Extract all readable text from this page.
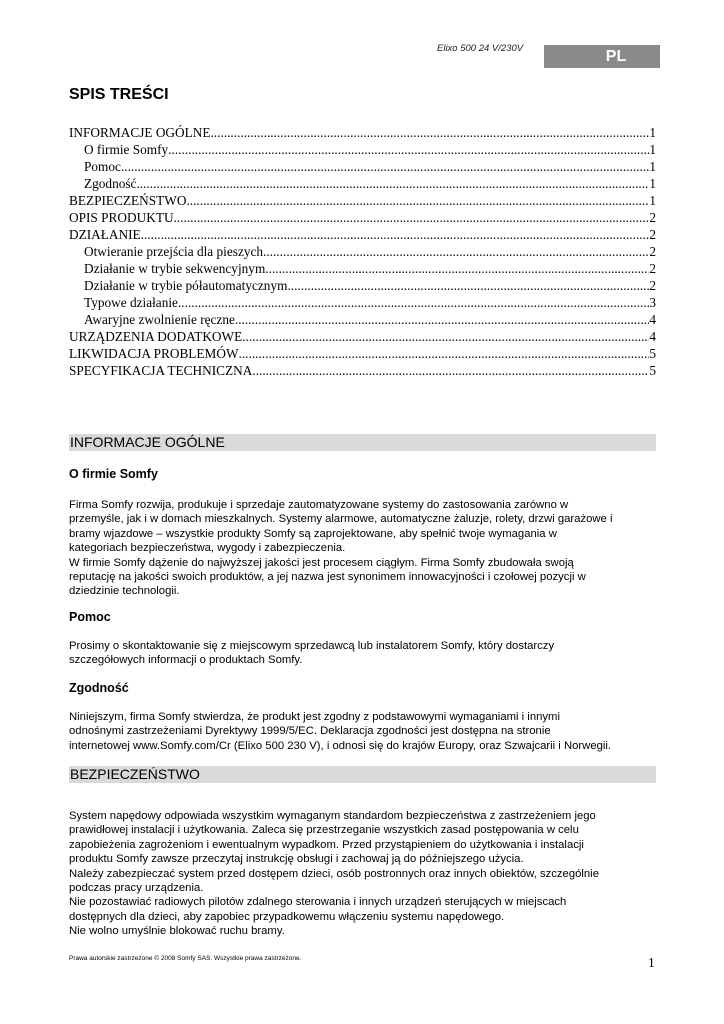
Elixo 500 24 V/230V	PL
SPIS TREŚCI
INFORMACJE OGÓLNE .....	1
O firmie Somfy .....	1
Pomoc .....	1
Zgodność .....	1
BEZPIECZEŃSTWO .....	1
OPIS PRODUKTU .....	2
DZIAŁANIE .....	2
Otwieranie przejścia dla pieszych .....	2
Działanie w trybie sekwencyjnym .....	2
Działanie w trybie półautomatycznym .....	2
Typowe działanie .....	3
Awaryjne zwolnienie ręczne .....	4
URZĄDZENIA DODATKOWE .....	4
LIKWIDACJA PROBLEMÓW .....	5
SPECYFIKACJA TECHNICZNA .....	5
INFORMACJE OGÓLNE
O firmie Somfy

Firma Somfy rozwija, produkuje i sprzedaje zautomatyzowane systemy do zastosowania zarówno w
przemyśle, jak i w domach mieszkalnych. Systemy alarmowe, automatyczne żaluzje, rolety, drzwi garażowe i
bramy wjazdowe – wszystkie produkty Somfy są zaprojektowane, aby spełnić twoje wymagania w
kategoriach bezpieczeństwa, wygody i zabezpieczenia.
W firmie Somfy dążenie do najwyższej jakości jest procesem ciągłym. Firma Somfy zbudowała swoją
reputację na jakości swoich produktów, a jej nazwa jest synonimem innowacyjności i czołowej pozycji w
dziedzinie technologii.

Pomoc

Prosimy o skontaktowanie się z miejscowym sprzedawcą lub instalatorem Somfy, który dostarczy
szczegółowych informacji o produktach Somfy.

Zgodność

Niniejszym, firma Somfy stwierdza, że produkt jest zgodny z podstawowymi wymaganiami i innymi
odnośnymi zastrzeżeniami Dyrektywy 1999/5/EC. Deklaracja zgodności jest dostępna na stronie
internetowej www.Somfy.com/Cr (Elixo 500 230 V), i odnosi się do krajów Europy, oraz Szwajcarii i Norwegii.

BEZPIECZEŃSTWO

System napędowy odpowiada wszystkim wymaganym standardom bezpieczeństwa z zastrzeżeniem jego
prawidłowej instalacji i użytkowania. Zaleca się przestrzeganie wszystkich zasad postępowania w celu
zapobieżenia zagrożeniom i ewentualnym wypadkom. Przed przystąpieniem do użytkowania i instalacji
produktu Somfy zawsze przeczytaj instrukcję obsługi i zachowaj ją do późniejszego użycia.
Należy zabezpieczać system przed dostępem dzieci, osób postronnych oraz innych obiektów, szczególnie
podczas pracy urządzenia.
Nie pozostawiać radiowych pilotów zdalnego sterowania i innych urządzeń sterujących w miejscach
dostępnych dla dzieci, aby zapobiec przypadkowemu włączeniu systemu napędowego.
Nie wolno umyślnie blokować ruchu bramy.

Prawa autorskie zastrzeżone © 2008 Somfy SAS. Wszystkie prawa zastrzeżone.	1
